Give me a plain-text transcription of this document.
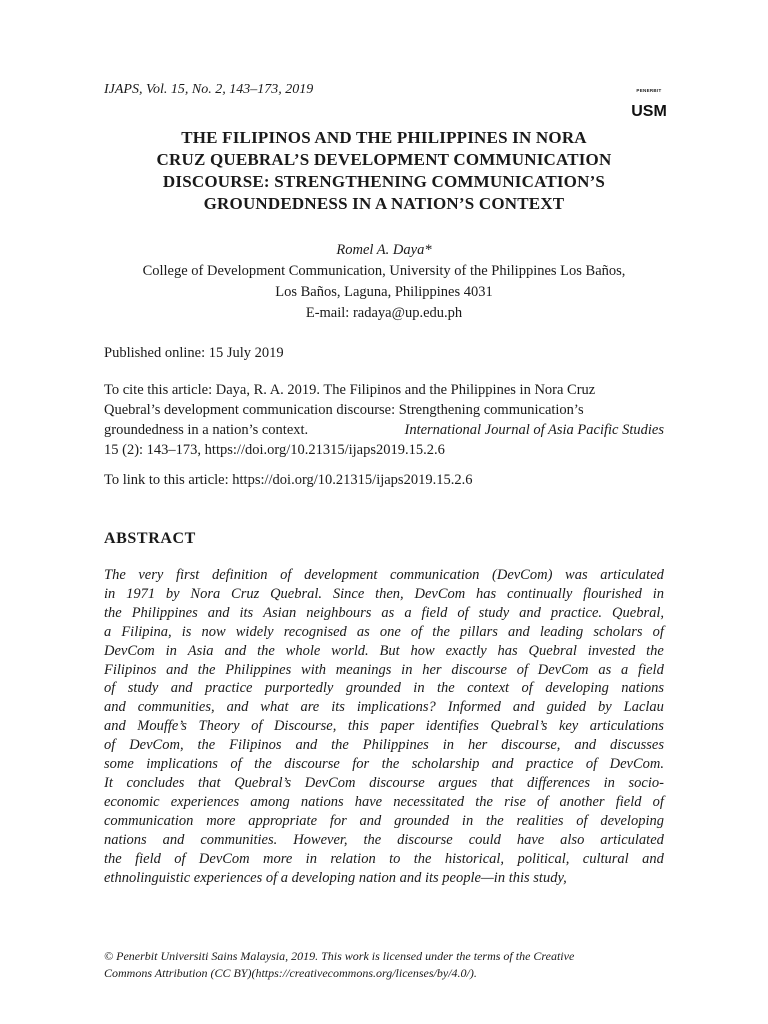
IJAPS, Vol. 15, No. 2, 143–173, 2019	PENERBIT
USM
THE FILIPINOS AND THE PHILIPPINES IN NORA
CRUZ QUEBRAL’S DEVELOPMENT COMMUNICATION
DISCOURSE: STRENGTHENING COMMUNICATION’S
GROUNDEDNESS IN A NATION’S CONTEXT
Romel A. Daya*
College of Development Communication, University of the Philippines Los Baños,
Los Baños, Laguna, Philippines 4031
E-mail: radaya@up.edu.ph
Published online: 15 July 2019
To cite this article: Daya, R. A. 2019. The Filipinos and the Philippines in Nora Cruz
Quebral’s development communication discourse: Strengthening communication’s
groundedness in a nation’s context.	International Journal of Asia Pacific Studies
15 (2): 143–173, https://doi.org/10.21315/ijaps2019.15.2.6
To link to this article: https://doi.org/10.21315/ijaps2019.15.2.6
ABSTRACT
The very first definition of development communication (DevCom) was articulated
in 1971 by Nora Cruz Quebral. Since then, DevCom has continually flourished in
the Philippines and its Asian neighbours as a field of study and practice. Quebral,
a Filipina, is now widely recognised as one of the pillars and leading scholars of
DevCom in Asia and the whole world. But how exactly has Quebral invested the
Filipinos and the Philippines with meanings in her discourse of DevCom as a field
of study and practice purportedly grounded in the context of developing nations
and communities, and what are its implications? Informed and guided by Laclau
and Mouffe’s Theory of Discourse, this paper identifies Quebral’s key articulations
of DevCom, the Filipinos and the Philippines in her discourse, and discusses
some implications of the discourse for the scholarship and practice of DevCom.
It concludes that Quebral’s DevCom discourse argues that differences in socio-
economic experiences among nations have necessitated the rise of another field of
communication more appropriate for and grounded in the realities of developing
nations and communities. However, the discourse could have also articulated
the field of DevCom more in relation to the historical, political, cultural and
ethnolinguistic experiences of a developing nation and its people—in this study,
© Penerbit Universiti Sains Malaysia, 2019. This work is licensed under the terms of the Creative
Commons Attribution (CC BY)(https://creativecommons.org/licenses/by/4.0/).
